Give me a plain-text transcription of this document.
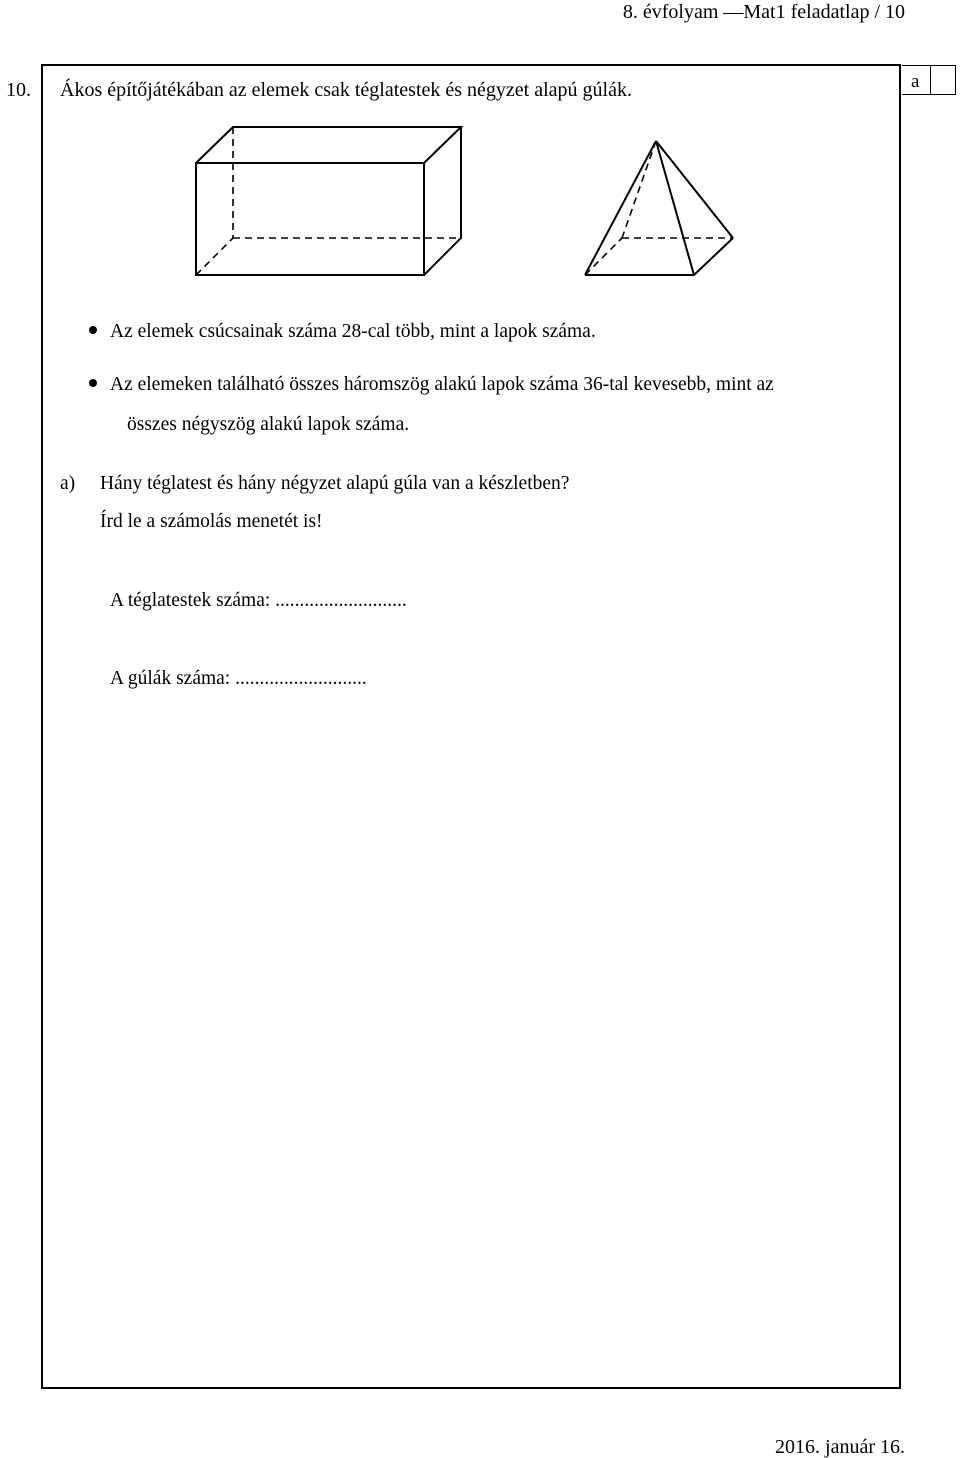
8. évfolyam —Mat1 feladatlap / 10
10.	a
Ákos építőjátékában az elemek csak téglatestek és négyzet alapú gúlák.
Az elemek csúcsainak száma 28-cal több, mint a lapok száma.
Az elemeken található összes háromszög alakú lapok száma 36-tal kevesebb, mint az
összes négyszög alakú lapok száma.
a) Hány téglatest és hány négyzet alapú gúla van a készletben?
Írd le a számolás menetét is!
A téglatestek száma: ...........................
A gúlák száma: ...........................
2016. január 16.
